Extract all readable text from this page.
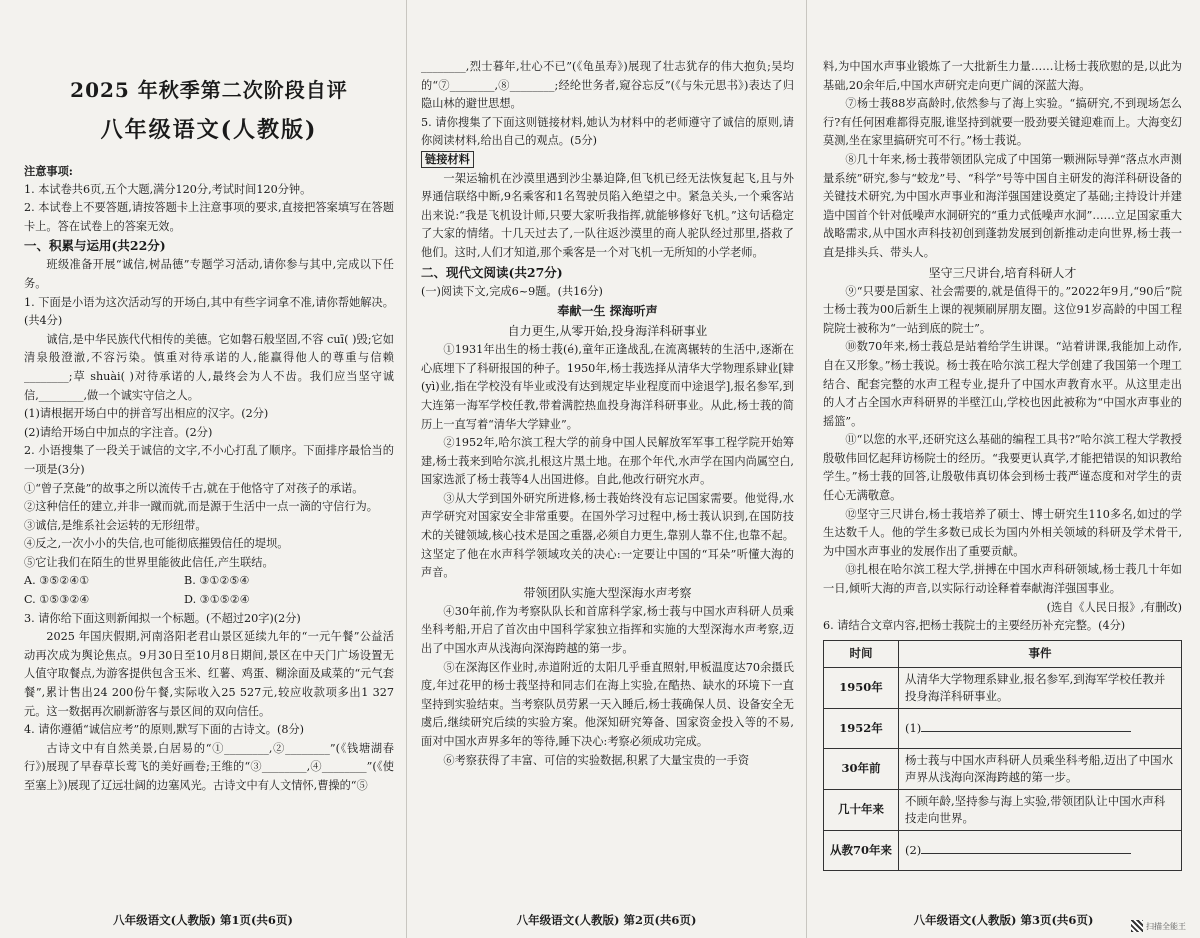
2025 年秋季第二次阶段自评
八年级语文(人教版)

注意事项:

1. 本试卷共6页,五个大题,满分120分,考试时间120分钟。

2. 本试卷上不要答题,请按答题卡上注意事项的要求,直接把答案填写在答题卡上。答在试卷上的答案无效。

一、积累与运用(共22分)

班级准备开展“诚信,树品德”专题学习活动,请你参与其中,完成以下任务。

1. 下面是小语为这次活动写的开场白,其中有些字词拿不准,请你帮她解决。(共4分)

诚信,是中华民族代代相传的美德。它如磐石般坚固,不容 cuī( )毁;它如清泉般澄澈,不容污染。慎重对待承诺的人,能赢得他人的尊重与信赖________;草 shuài( )对待承诺的人,最终会为人不齿。我们应当坚守诚信,________,做一个诚实守信之人。

(1)请根据开场白中的拼音写出相应的汉字。(2分)

(2)请给开场白中加点的字注音。(2分)

2. 小语搜集了一段关于诚信的文字,不小心打乱了顺序。下面排序最恰当的一项是(3分)

①“曾子烹彘”的故事之所以流传千古,就在于他恪守了对孩子的承诺。

②这种信任的建立,并非一蹴而就,而是源于生活中一点一滴的守信行为。

③诚信,是维系社会运转的无形纽带。

④反之,一次小小的失信,也可能彻底摧毁信任的堤坝。

⑤它让我们在陌生的世界里能彼此信任,产生联结。

A. ③⑤②④①	B. ③①②⑤④

C. ①⑤③②④	D. ③①⑤②④

3. 请你给下面这则新闻拟一个标题。(不超过20字)(2分)

2025 年国庆假期,河南洛阳老君山景区延续九年的“一元午餐”公益活动再次成为舆论焦点。9月30日至10月8日期间,景区在中天门广场设置无人值守取餐点,为游客提供包含玉米、红薯、鸡蛋、糊涂面及咸菜的“元气套餐”,累计售出24 200份午餐,实际收入25 527元,较应收款项多出1 327元。这一数据再次刷新游客与景区间的双向信任。

4. 请你遵循“诚信应考”的原则,默写下面的古诗文。(8分)

古诗文中有自然美景,白居易的“①________,②________”(《钱塘湖春行》)展现了早春草长莺飞的美好画卷;王维的“③________,④________”(《使至塞上》)展现了辽远壮阔的边塞风光。古诗文中有人文情怀,曹操的“⑤

八年级语文(人教版) 第1页(共6页)

________,烈士暮年,壮心不已”(《龟虽寿》)展现了壮志犹存的伟大抱负;吴均的“⑦________,⑧________;经纶世务者,窥谷忘反”(《与朱元思书》)表达了归隐山林的避世思想。

5. 请你搜集了下面这则链接材料,她认为材料中的老师遵守了诚信的原则,请你阅读材料,给出自己的观点。(5分)

链接材料

一架运输机在沙漠里遇到沙尘暴迫降,但飞机已经无法恢复起飞,且与外界通信联络中断,9名乘客和1名驾驶员陷入绝望之中。紧急关头,一个乘客站出来说:“我是飞机设计师,只要大家听我指挥,就能够修好飞机。”这句话稳定了大家的情绪。十几天过去了,一队往返沙漠里的商人驼队经过那里,搭救了他们。这时,人们才知道,那个乘客是一个对飞机一无所知的小学老师。

二、现代文阅读(共27分)

(一)阅读下文,完成6~9题。(共16分)

奉献一生 探海听声

自力更生,从零开始,投身海洋科研事业

①1931年出生的杨士莪(é),童年正逢战乱,在流离辗转的生活中,逐渐在心底埋下了科研报国的种子。1950年,杨士莪选择从清华大学物理系肄业[肄(yì)业,指在学校没有毕业或没有达到规定毕业程度而中途退学],报名参军,到大连第一海军学校任教,带着满腔热血投身海洋科研事业。从此,杨士莪的简历上一直写着“清华大学肄业”。

②1952年,哈尔滨工程大学的前身中国人民解放军军事工程学院开始筹建,杨士莪来到哈尔滨,扎根这片黑土地。在那个年代,水声学在国内尚属空白,国家选派了杨士莪等4人出国进修。自此,他改行研究水声。

③从大学到国外研究所进修,杨士莪始终没有忘记国家需要。他觉得,水声学研究对国家安全非常重要。在国外学习过程中,杨士莪认识到,在国防技术的关键领域,核心技术是国之重器,必须自力更生,靠别人靠不住,也靠不起。这坚定了他在水声科学领域攻关的决心:一定要让中国的“耳朵”听懂大海的声音。

带领团队实施大型深海水声考察

④30年前,作为考察队队长和首席科学家,杨士莪与中国水声科研人员乘坐科考船,开启了首次由中国科学家独立指挥和实施的大型深海水声考察,迈出了中国水声从浅海向深海跨越的第一步。

⑤在深海区作业时,赤道附近的太阳几乎垂直照射,甲板温度达70余摄氏度,年过花甲的杨士莪坚持和同志们在海上实验,在酷热、缺水的环境下一直坚持到实验结束。当考察队员劳累一天入睡后,杨士莪确保人员、设备安全无虞后,继续研究后续的实验方案。他深知研究筹备、国家资金投入等的不易,面对中国水声界多年的等待,睡下决心:考察必须成功完成。

⑥考察获得了丰富、可信的实验数据,积累了大量宝贵的一手资

八年级语文(人教版) 第2页(共6页)

料,为中国水声事业锻炼了一大批新生力量……让杨士莪欣慰的是,以此为基础,20余年后,中国水声研究走向更广阔的深蓝大海。

⑦杨士莪88岁高龄时,依然参与了海上实验。“搞研究,不到现场怎么行?有任何困难都得克服,谁坚持到就要一股劲要关键迎难而上。大海变幻莫测,坐在家里搞研究可不行。”杨士莪说。

⑧几十年来,杨士莪带领团队完成了中国第一颗洲际导弹“落点水声测量系统”研究,参与“蛟龙”号、“科学”号等中国自主研发的海洋科研设备的关键技术研究,为中国水声事业和海洋强国建设奠定了基础;主持设计并建造中国首个针对低噪声水洞研究的“重力式低噪声水洞”……立足国家重大战略需求,从中国水声科技初创到蓬勃发展到创新推动走向世界,杨士莪一直是排头兵、带头人。

坚守三尺讲台,培育科研人才

⑨“只要是国家、社会需要的,就是值得干的。”2022年9月,“90后”院士杨士莪为00后新生上课的视频刷屏朋友圈。这位91岁高龄的中国工程院院士被称为“一站到底的院士”。

⑩数70年来,杨士莪总是站着给学生讲课。“站着讲课,我能加上动作,自在又形象。”杨士莪说。杨士莪在哈尔滨工程大学创建了我国第一个理工结合、配套完整的水声工程专业,提升了中国水声教育水平。从这里走出的人才占全国水声科研界的半壁江山,学校也因此被称为“中国水声事业的摇篮”。

⑪“以您的水平,还研究这么基础的编程工具书?”哈尔滨工程大学教授殷敬伟回忆起拜访杨院士的经历。“我要更认真学,才能把错误的知识教给学生。”杨士莪的回答,让殷敬伟真切体会到杨士莪严谨态度和对学生的责任心无满敬意。

⑫坚守三尺讲台,杨士莪培养了硕士、博士研究生110多名,如过的学生达数千人。他的学生多数已成长为国内外相关领域的科研及学术骨干,为中国水声事业的发展作出了重要贡献。

⑬扎根在哈尔滨工程大学,拼搏在中国水声科研领域,杨士莪几十年如一日,倾听大海的声音,以实际行动诠释着奉献海洋强国事业。

(选自《人民日报》,有删改)

6. 请结合文章内容,把杨士莪院士的主要经历补充完整。(4分)

时间	事件
1950年	从清华大学物理系肄业,报名参军,到海军学校任教并投身海洋科研事业。
1952年	(1)
30年前	杨士莪与中国水声科研人员乘坐科考船,迈出了中国水声界从浅海向深海跨越的第一步。
几十年来	不顾年龄,坚持参与海上实验,带领团队让中国水声科技走向世界。
从教70年来	(2)
八年级语文(人教版) 第3页(共6页)	扫描全能王
